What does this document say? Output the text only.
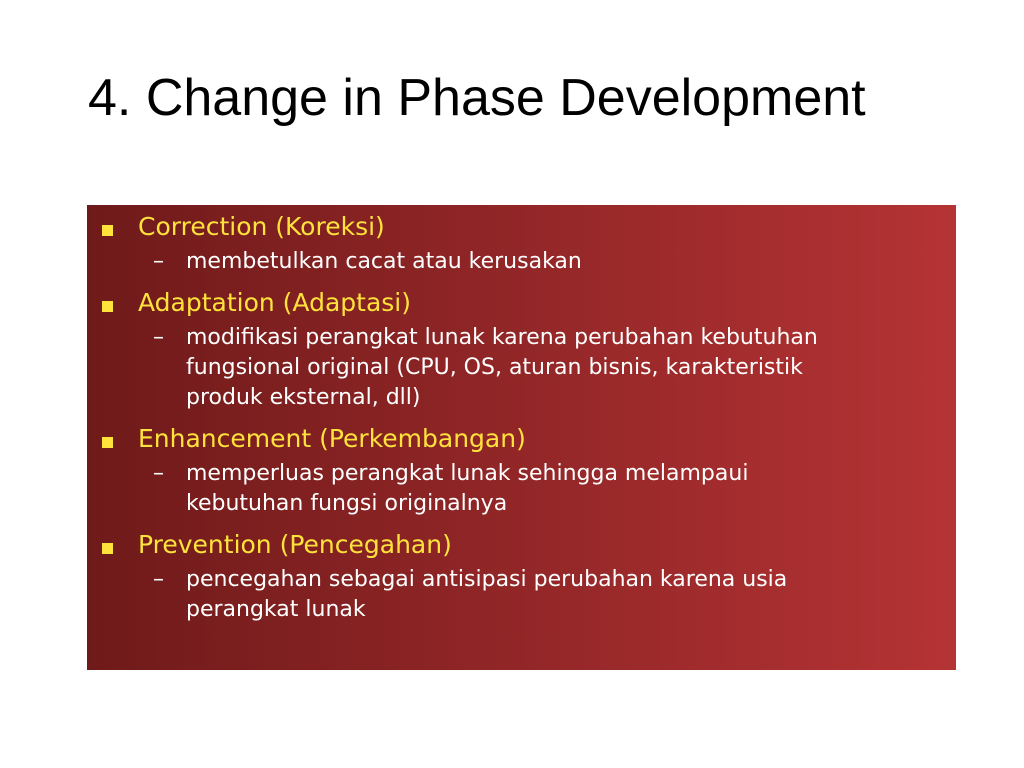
4. Change in Phase Development
Correction (Koreksi)
– membetulkan cacat atau kerusakan
Adaptation (Adaptasi)
– modifikasi perangkat lunak karena perubahan kebutuhan
fungsional original (CPU, OS, aturan bisnis, karakteristik
produk eksternal, dll)
Enhancement (Perkembangan)
– memperluas perangkat lunak sehingga melampaui
kebutuhan fungsi originalnya
Prevention (Pencegahan)
– pencegahan sebagai antisipasi perubahan karena usia
perangkat lunak
